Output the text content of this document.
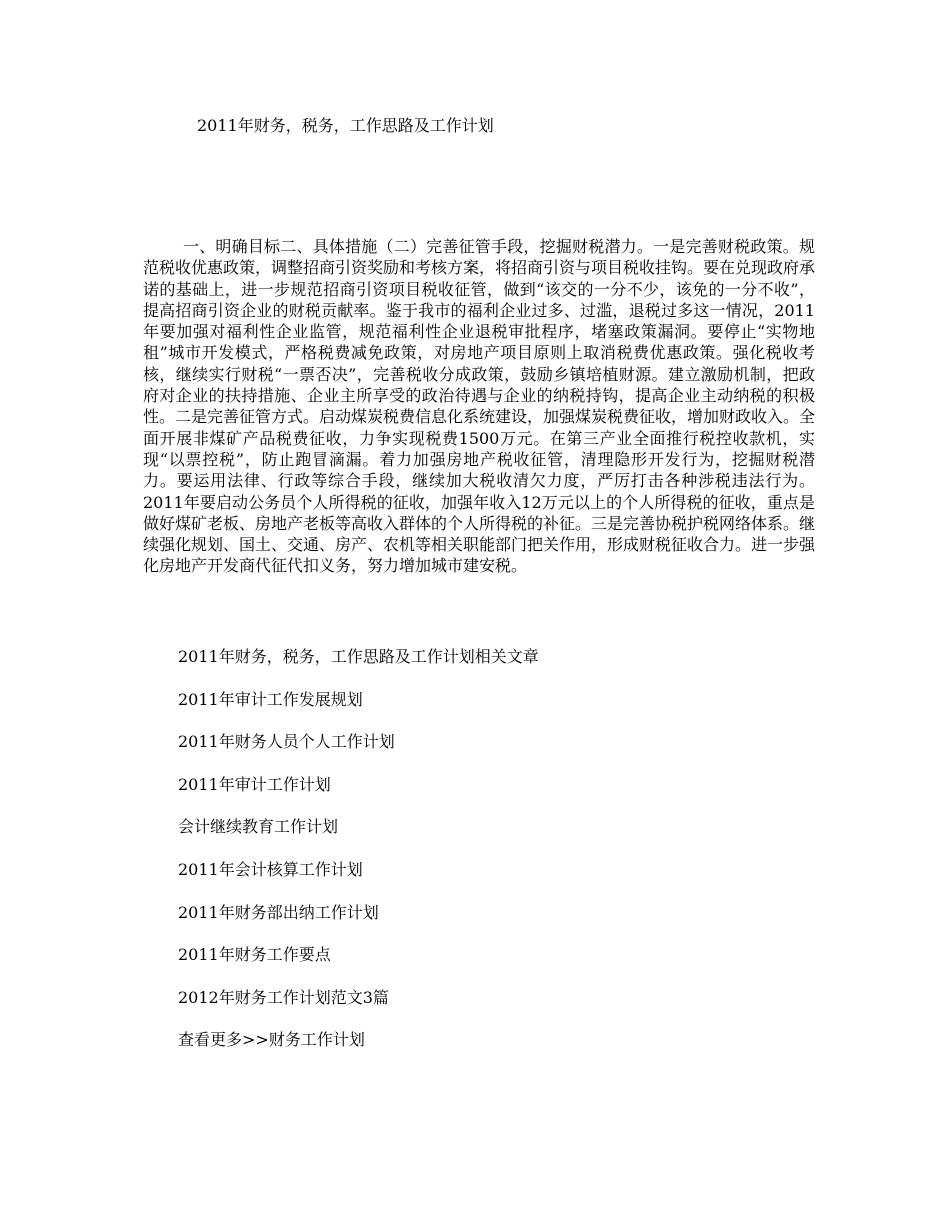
2011年财务，税务，工作思路及工作计划

一、明确目标二、具体措施（二）完善征管手段，挖掘财税潜力。一是完善财税政策。规范税收优惠政策，调整招商引资奖励和考核方案，将招商引资与项目税收挂钩。要在兑现政府承诺的基础上，进一步规范招商引资项目税收征管，做到“该交的一分不少，该免的一分不收”，提高招商引资企业的财税贡献率。鉴于我市的福利企业过多、过滥，退税过多这一情况，2011年要加强对福利性企业监管，规范福利性企业退税审批程序，堵塞政策漏洞。要停止“实物地租”城市开发模式，严格税费减免政策，对房地产项目原则上取消税费优惠政策。强化税收考核，继续实行财税“一票否决”，完善税收分成政策，鼓励乡镇培植财源。建立激励机制，把政府对企业的扶持措施、企业主所享受的政治待遇与企业的纳税持钩，提高企业主动纳税的积极性。二是完善征管方式。启动煤炭税费信息化系统建设，加强煤炭税费征收，增加财政收入。全面开展非煤矿产品税费征收，力争实现税费1500万元。在第三产业全面推行税控收款机，实现“以票控税”，防止跑冒滴漏。着力加强房地产税收征管，清理隐形开发行为，挖掘财税潜力。要运用法律、行政等综合手段，继续加大税收清欠力度，严厉打击各种涉税违法行为。2011年要启动公务员个人所得税的征收，加强年收入12万元以上的个人所得税的征收，重点是做好煤矿老板、房地产老板等高收入群体的个人所得税的补征。三是完善协税护税网络体系。继续强化规划、国土、交通、房产、农机等相关职能部门把关作用，形成财税征收合力。进一步强化房地产开发商代征代扣义务，努力增加城市建安税。

2011年财务，税务，工作思路及工作计划相关文章
2011年审计工作发展规划
2011年财务人员个人工作计划
2011年审计工作计划
会计继续教育工作计划
2011年会计核算工作计划
2011年财务部出纳工作计划
2011年财务工作要点
2012年财务工作计划范文3篇
查看更多>>财务工作计划
